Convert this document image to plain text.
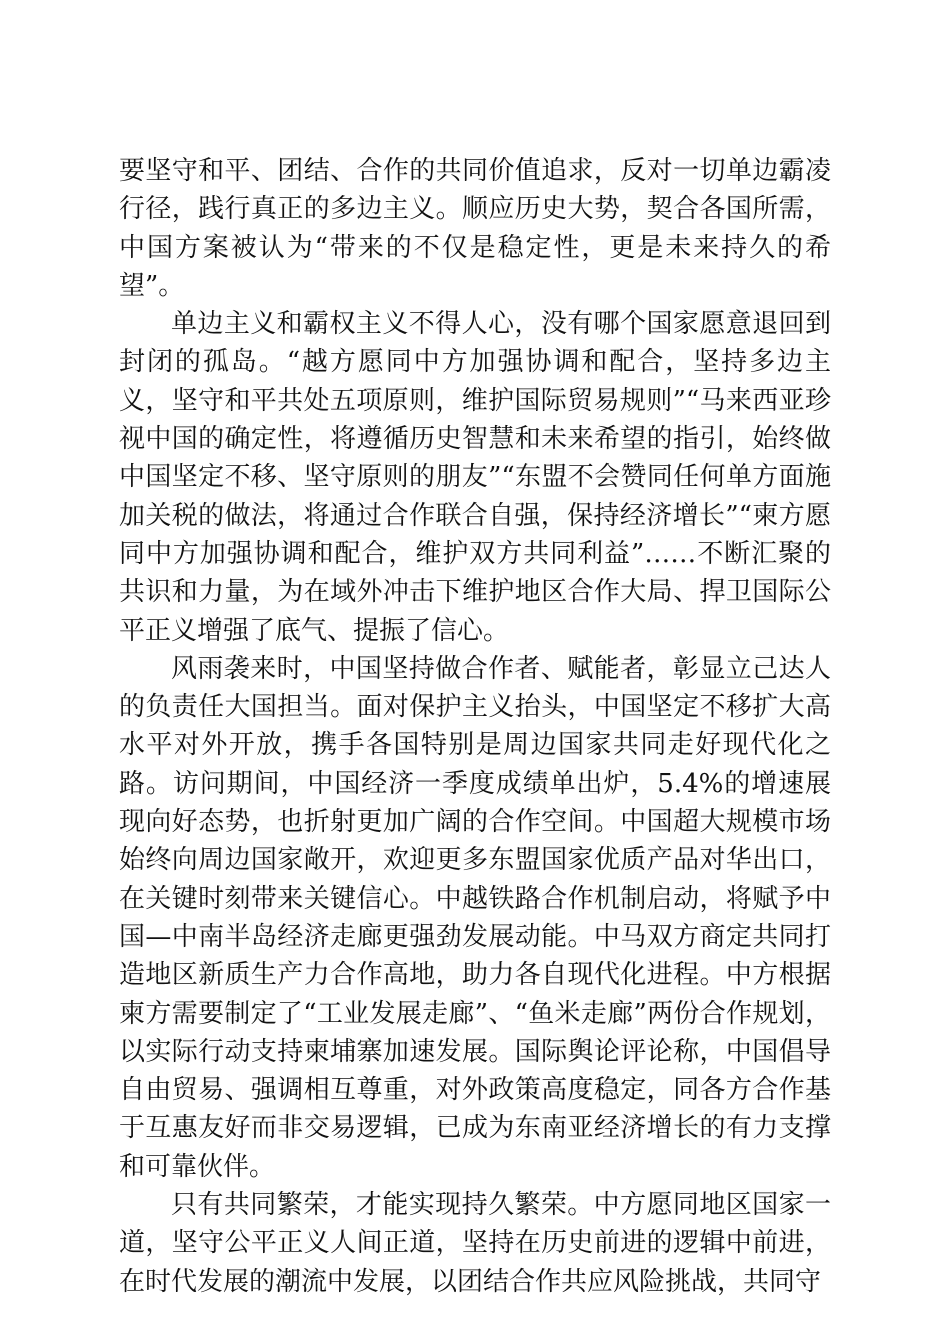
要坚守和平、团结、合作的共同价值追求，反对一切单边霸凌行径，践行真正的多边主义。顺应历史大势，契合各国所需，中国方案被认为“带来的不仅是稳定性，更是未来持久的希望”。

单边主义和霸权主义不得人心，没有哪个国家愿意退回到封闭的孤岛。“越方愿同中方加强协调和配合，坚持多边主义，坚守和平共处五项原则，维护国际贸易规则”“马来西亚珍视中国的确定性，将遵循历史智慧和未来希望的指引，始终做中国坚定不移、坚守原则的朋友”“东盟不会赞同任何单方面施加关税的做法，将通过合作联合自强，保持经济增长”“柬方愿同中方加强协调和配合，维护双方共同利益”……不断汇聚的共识和力量，为在域外冲击下维护地区合作大局、捍卫国际公平正义增强了底气、提振了信心。

风雨袭来时，中国坚持做合作者、赋能者，彰显立己达人的负责任大国担当。面对保护主义抬头，中国坚定不移扩大高水平对外开放，携手各国特别是周边国家共同走好现代化之路。访问期间，中国经济一季度成绩单出炉，5.4%的增速展现向好态势，也折射更加广阔的合作空间。中国超大规模市场始终向周边国家敞开，欢迎更多东盟国家优质产品对华出口，在关键时刻带来关键信心。中越铁路合作机制启动，将赋予中国—中南半岛经济走廊更强劲发展动能。中马双方商定共同打造地区新质生产力合作高地，助力各自现代化进程。中方根据柬方需要制定了“工业发展走廊”、“鱼米走廊”两份合作规划，以实际行动支持柬埔寨加速发展。国际舆论评论称，中国倡导自由贸易、强调相互尊重，对外政策高度稳定，同各方合作基于互惠友好而非交易逻辑，已成为东南亚经济增长的有力支撑和可靠伙伴。

只有共同繁荣，才能实现持久繁荣。中方愿同地区国家一道，坚守公平正义人间正道，坚持在历史前进的逻辑中前进，在时代发展的潮流中发展，以团结合作共应风险挑战，共同守
